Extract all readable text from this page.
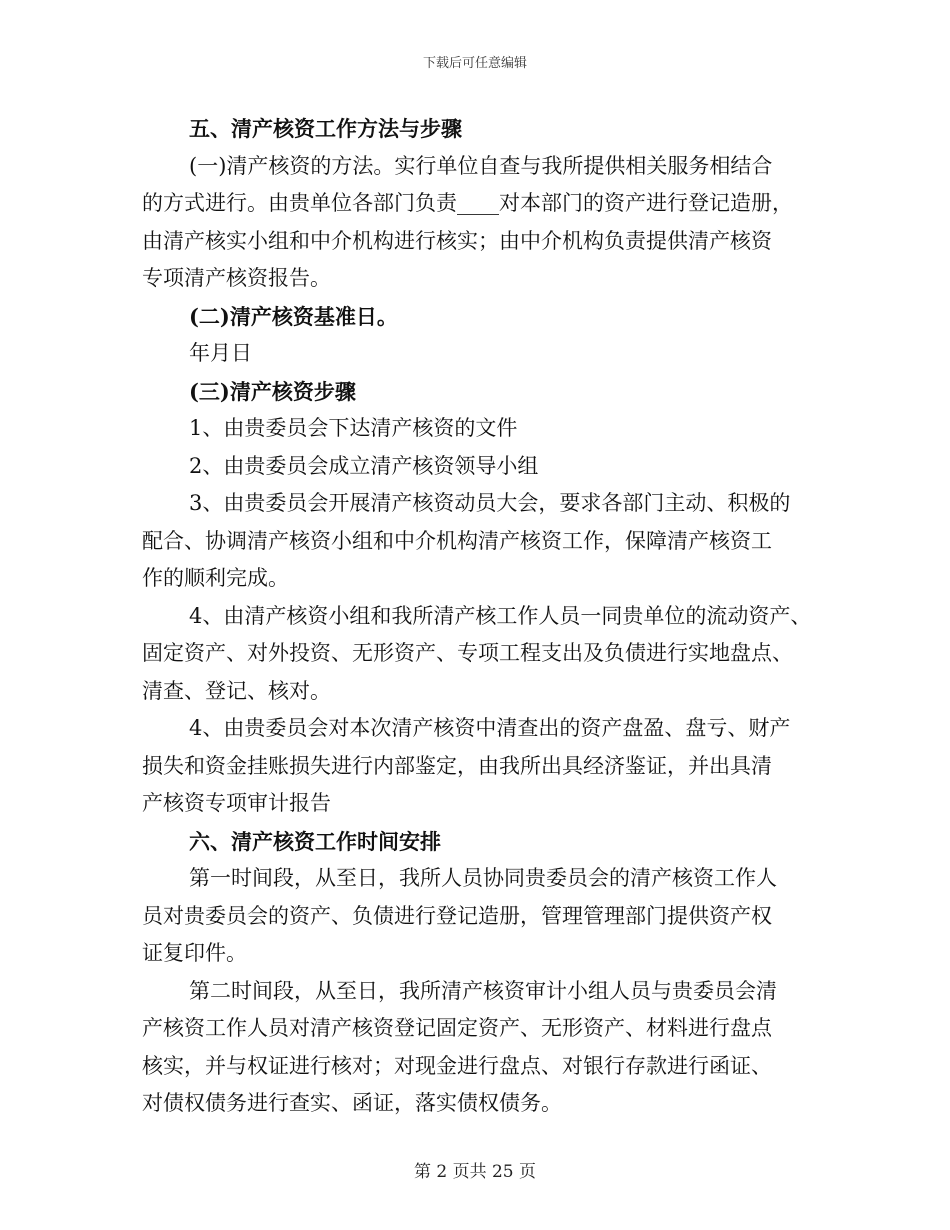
下载后可任意编辑
五、清产核资工作方法与步骤
(一)清产核资的方法。实行单位自查与我所提供相关服务相结合
的方式进行。由贵单位各部门负责____对本部门的资产进行登记造册，
由清产核实小组和中介机构进行核实；由中介机构负责提供清产核资
专项清产核资报告。
(二)清产核资基准日。
年月日
(三)清产核资步骤
1、由贵委员会下达清产核资的文件
2、由贵委员会成立清产核资领导小组
3、由贵委员会开展清产核资动员大会，要求各部门主动、积极的
配合、协调清产核资小组和中介机构清产核资工作，保障清产核资工
作的顺利完成。
4、由清产核资小组和我所清产核工作人员一同贵单位的流动资产、
固定资产、对外投资、无形资产、专项工程支出及负债进行实地盘点、
清查、登记、核对。
4、由贵委员会对本次清产核资中清查出的资产盘盈、盘亏、财产
损失和资金挂账损失进行内部鉴定，由我所出具经济鉴证，并出具清
产核资专项审计报告
六、清产核资工作时间安排
第一时间段，从至日，我所人员协同贵委员会的清产核资工作人
员对贵委员会的资产、负债进行登记造册，管理管理部门提供资产权
证复印件。
第二时间段，从至日，我所清产核资审计小组人员与贵委员会清
产核资工作人员对清产核资登记固定资产、无形资产、材料进行盘点
核实，并与权证进行核对；对现金进行盘点、对银行存款进行函证、
对债权债务进行查实、函证，落实债权债务。
第 2 页共 25 页
